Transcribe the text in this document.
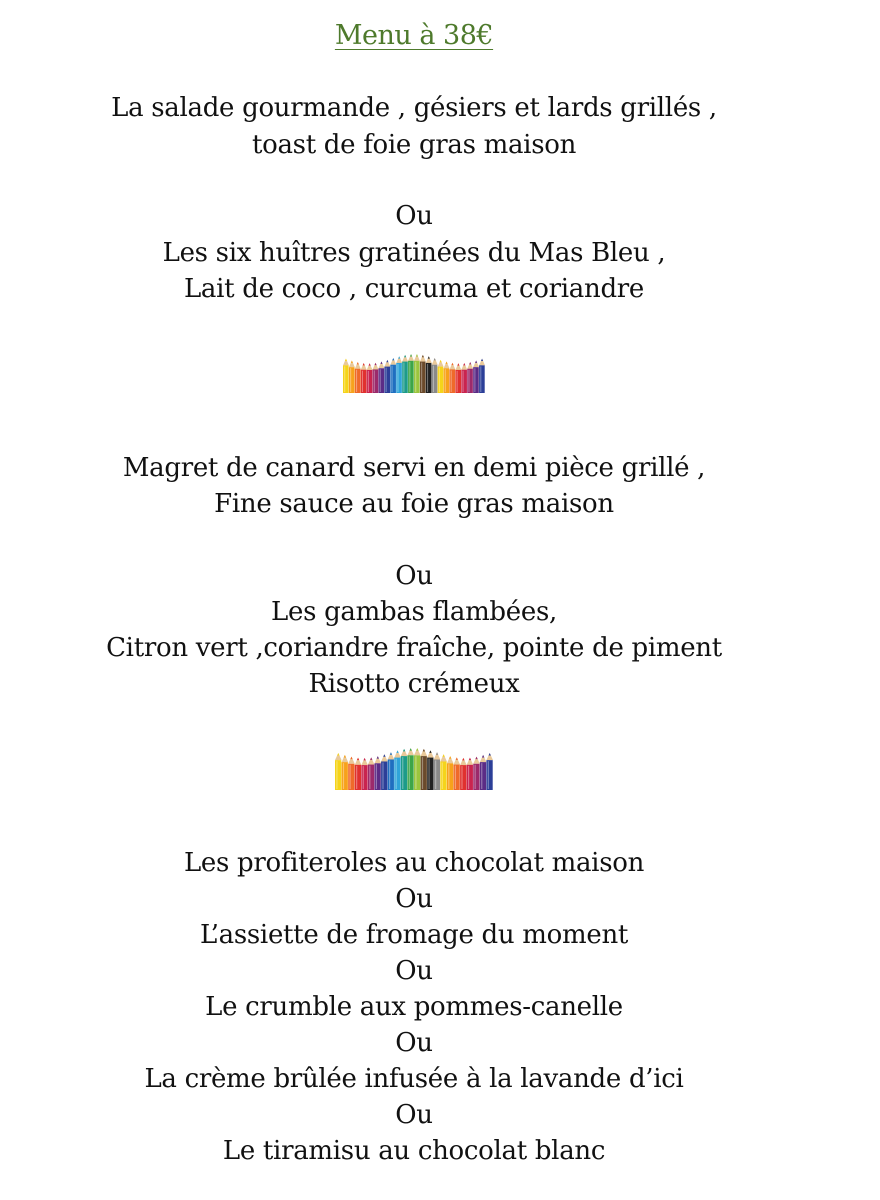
Menu à 38€
La salade gourmande , gésiers et lards grillés ,
toast de foie gras maison
Ou
Les six huîtres gratinées du Mas Bleu ,
Lait de coco , curcuma et coriandre
Magret de canard servi en demi pièce grillé ,
Fine sauce au foie gras maison
Ou
Les gambas flambées,
Citron vert ,coriandre fraîche, pointe de piment
Risotto crémeux
Les profiteroles au chocolat maison
Ou
L’assiette de fromage du moment
Ou
Le crumble aux pommes-canelle
Ou
La crème brûlée infusée à la lavande d’ici
Ou
Le tiramisu au chocolat blanc
